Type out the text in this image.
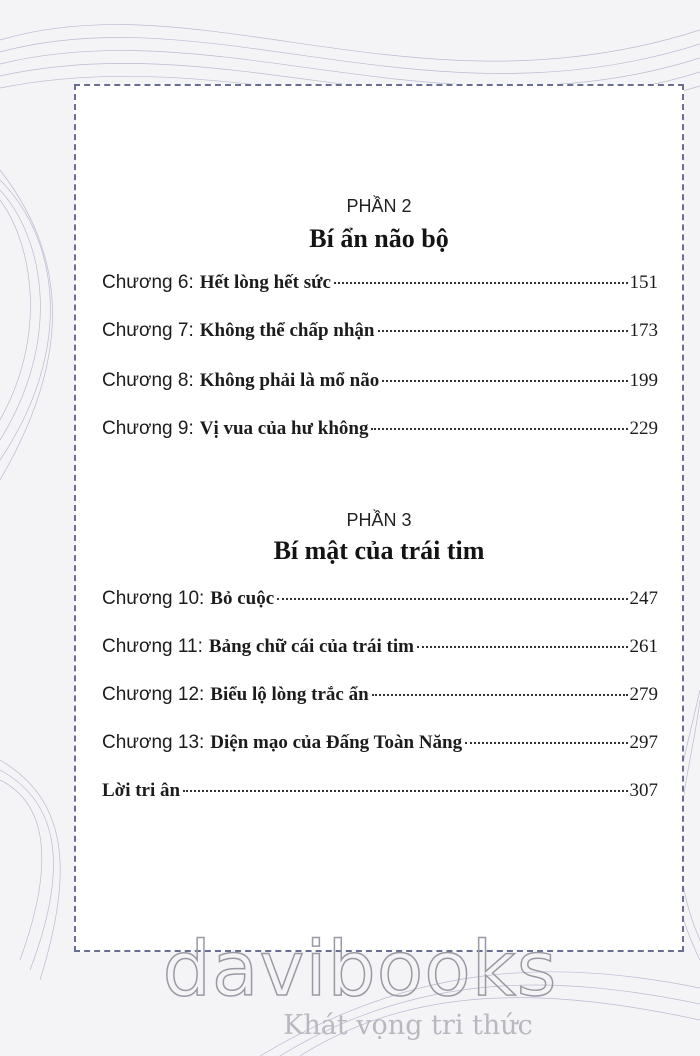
PHẦN 2
Bí ẩn não bộ
Chương 6: Hết lòng hết sức	151
Chương 7: Không thể chấp nhận	173
Chương 8: Không phải là mổ não	199
Chương 9: Vị vua của hư không	229
PHẦN 3
Bí mật của trái tim
Chương 10: Bỏ cuộc	247
Chương 11: Bảng chữ cái của trái tim	261
Chương 12: Biểu lộ lòng trắc ẩn	279
Chương 13: Diện mạo của Đấng Toàn Năng	297
Lời tri ân	307
davibooks
Khát vọng tri thức
